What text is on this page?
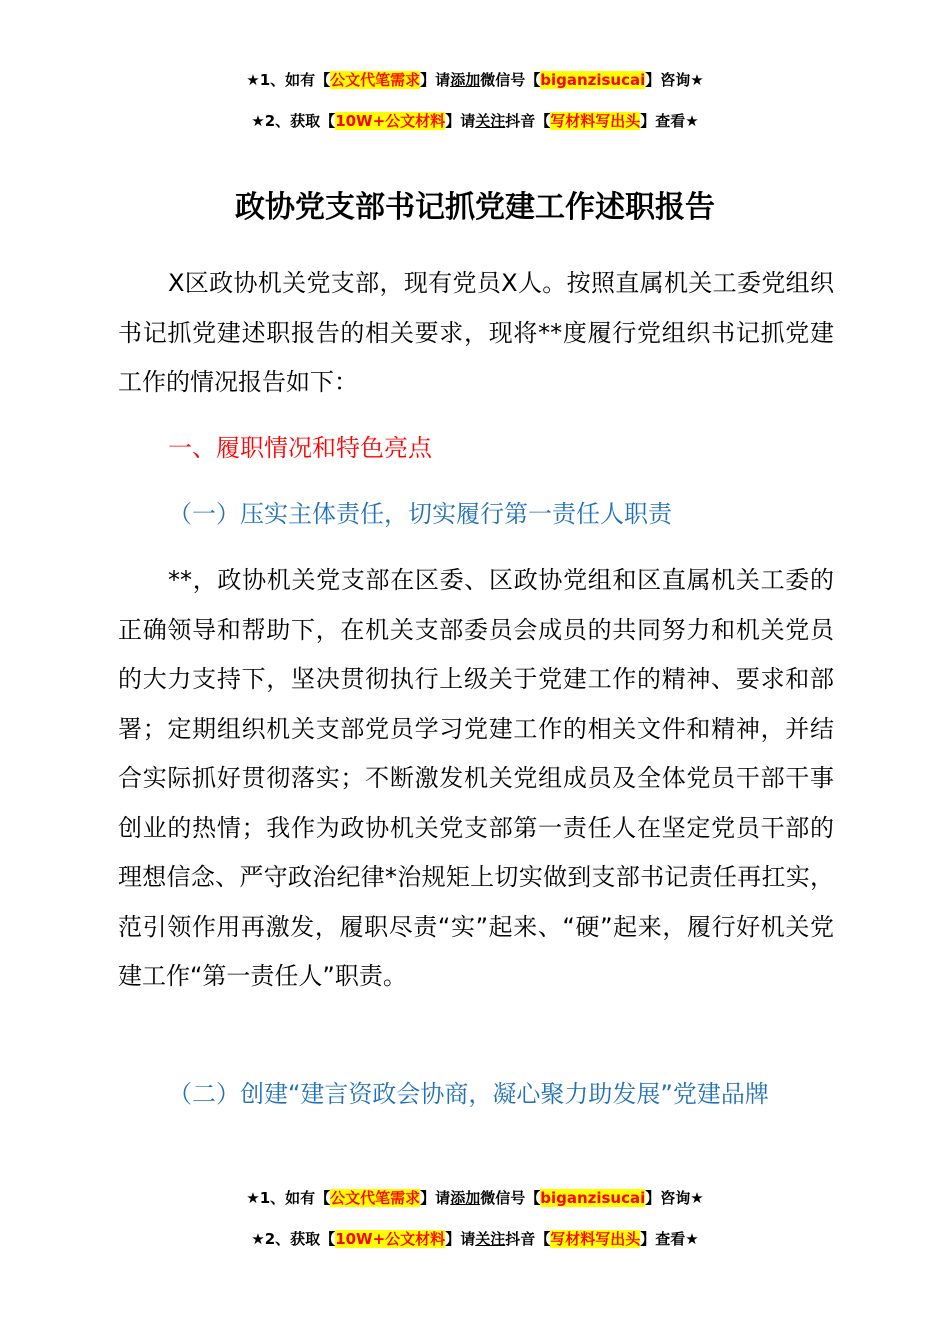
★1、如有【公文代笔需求】请添加微信号【biganzisucai】咨询★
★2、获取【10W+公文材料】请关注抖音【写材料写出头】查看★
政协党支部书记抓党建工作述职报告

X区政协机关党支部，现有党员X人。按照直属机关工委党组织书记抓党建述职报告的相关要求，现将**度履行党组织书记抓党建工作的情况报告如下：

一、履职情况和特色亮点

（一）压实主体责任，切实履行第一责任人职责

**，政协机关党支部在区委、区政协党组和区直属机关工委的正确领导和帮助下，在机关支部委员会成员的共同努力和机关党员的大力支持下，坚决贯彻执行上级关于党建工作的精神、要求和部署；定期组织机关支部党员学习党建工作的相关文件和精神，并结合实际抓好贯彻落实；不断激发机关党组成员及全体党员干部干事创业的热情；我作为政协机关党支部第一责任人在坚定党员干部的理想信念、严守政治纪律*治规矩上切实做到支部书记责任再扛实，范引领作用再激发，履职尽责“实”起来、“硬”起来，履行好机关党建工作“第一责任人”职责。

（二）创建“建言资政会协商，凝心聚力助发展”党建品牌

★1、如有【公文代笔需求】请添加微信号【biganzisucai】咨询★
★2、获取【10W+公文材料】请关注抖音【写材料写出头】查看★
